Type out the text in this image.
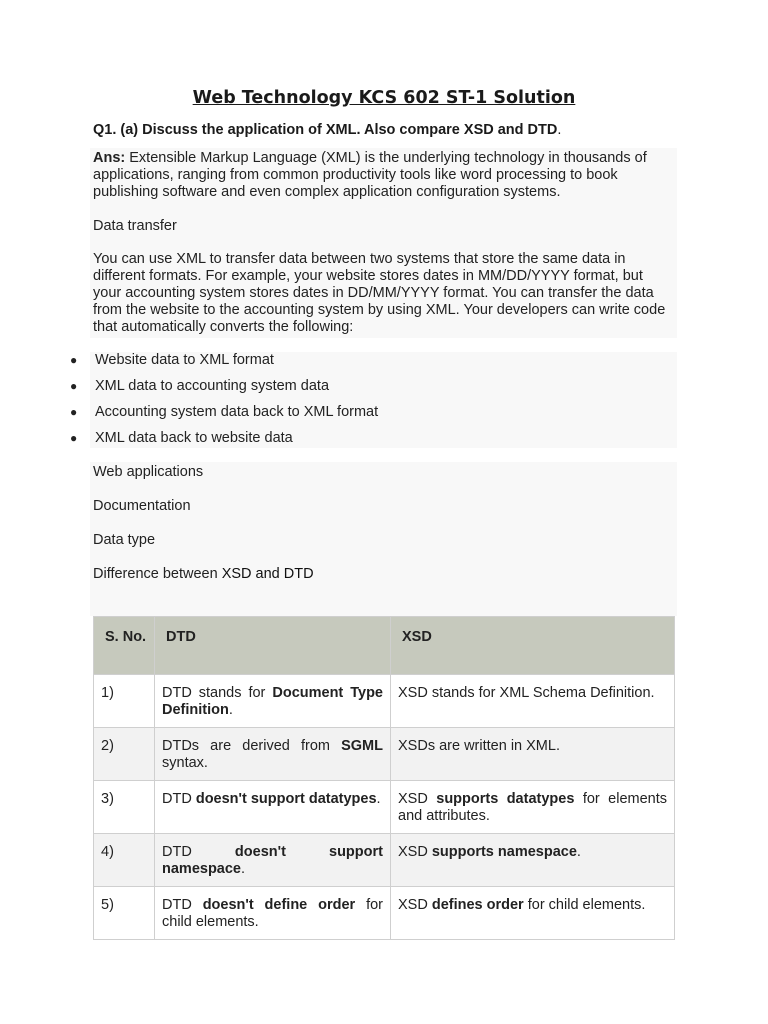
Web Technology KCS 602 ST-1 Solution

Q1. (a) Discuss the application of XML. Also compare XSD and DTD.

Ans: Extensible Markup Language (XML) is the underlying technology in thousands of applications, ranging from common productivity tools like word processing to book publishing software and even complex application configuration systems.

Data transfer

You can use XML to transfer data between two systems that store the same data in different formats. For example, your website stores dates in MM/DD/YYYY format, but your accounting system stores dates in DD/MM/YYYY format. You can transfer the data from the website to the accounting system by using XML. Your developers can write code that automatically converts the following:

● Website data to XML format
● XML data to accounting system data
● Accounting system data back to XML format
● XML data back to website data

Web applications

Documentation

Data type

Difference between XSD and DTD

S. No.	DTD	XSD
1)	DTD stands for Document Type Definition.	XSD stands for XML Schema Definition.
2)	DTDs are derived from SGML syntax.	XSDs are written in XML.
3)	DTD doesn't support datatypes.	XSD supports datatypes for elements and attributes.
4)	DTD doesn't support namespace.	XSD supports namespace.
5)	DTD doesn't define order for child elements.	XSD defines order for child elements.
